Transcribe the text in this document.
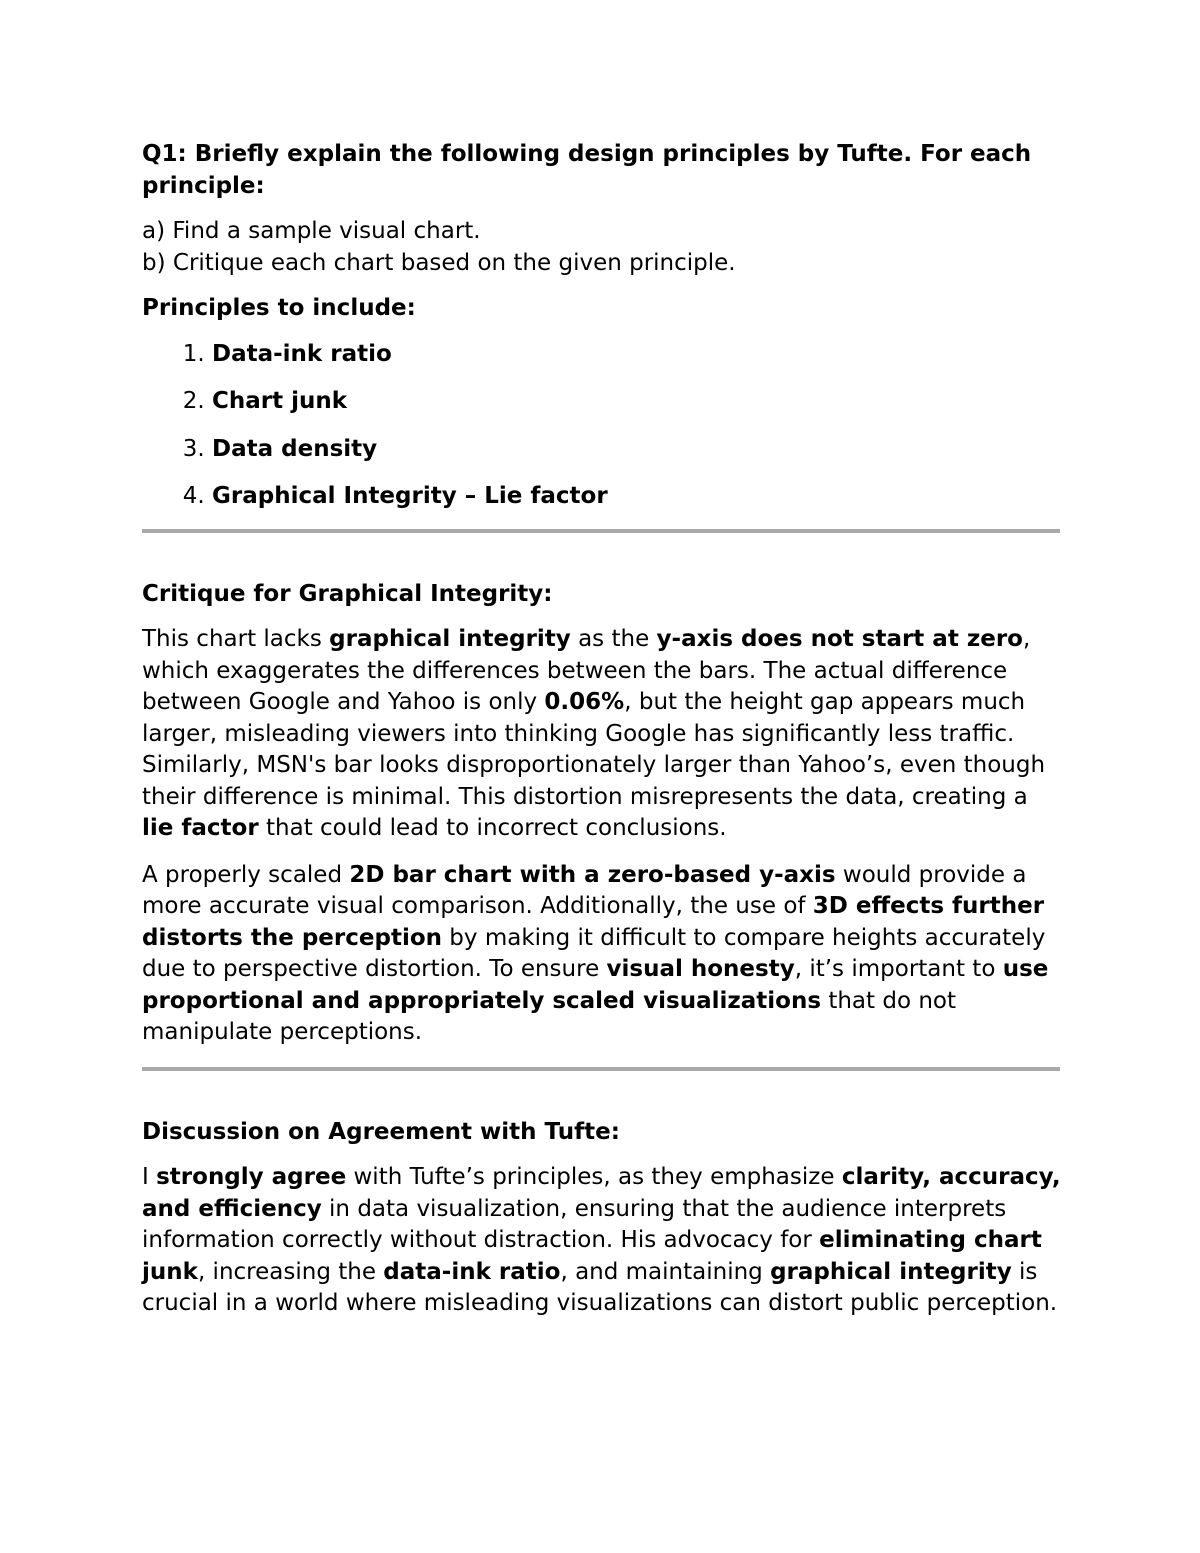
Q1: Briefly explain the following design principles by Tufte. For each principle:
a) Find a sample visual chart.
b) Critique each chart based on the given principle.
Principles to include:
1. Data-ink ratio
2. Chart junk
3. Data density
4. Graphical Integrity – Lie factor
Critique for Graphical Integrity:

This chart lacks graphical integrity as the y-axis does not start at zero, which exaggerates the differences between the bars. The actual difference between Google and Yahoo is only 0.06%, but the height gap appears much larger, misleading viewers into thinking Google has significantly less traffic. Similarly, MSN's bar looks disproportionately larger than Yahoo’s, even though their difference is minimal. This distortion misrepresents the data, creating a lie factor that could lead to incorrect conclusions.

A properly scaled 2D bar chart with a zero-based y-axis would provide a more accurate visual comparison. Additionally, the use of 3D effects further distorts the perception by making it difficult to compare heights accurately due to perspective distortion. To ensure visual honesty, it’s important to use proportional and appropriately scaled visualizations that do not manipulate perceptions.

Discussion on Agreement with Tufte:

I strongly agree with Tufte’s principles, as they emphasize clarity, accuracy, and efficiency in data visualization, ensuring that the audience interprets information correctly without distraction. His advocacy for eliminating chart junk, increasing the data-ink ratio, and maintaining graphical integrity is crucial in a world where misleading visualizations can distort public perception.
